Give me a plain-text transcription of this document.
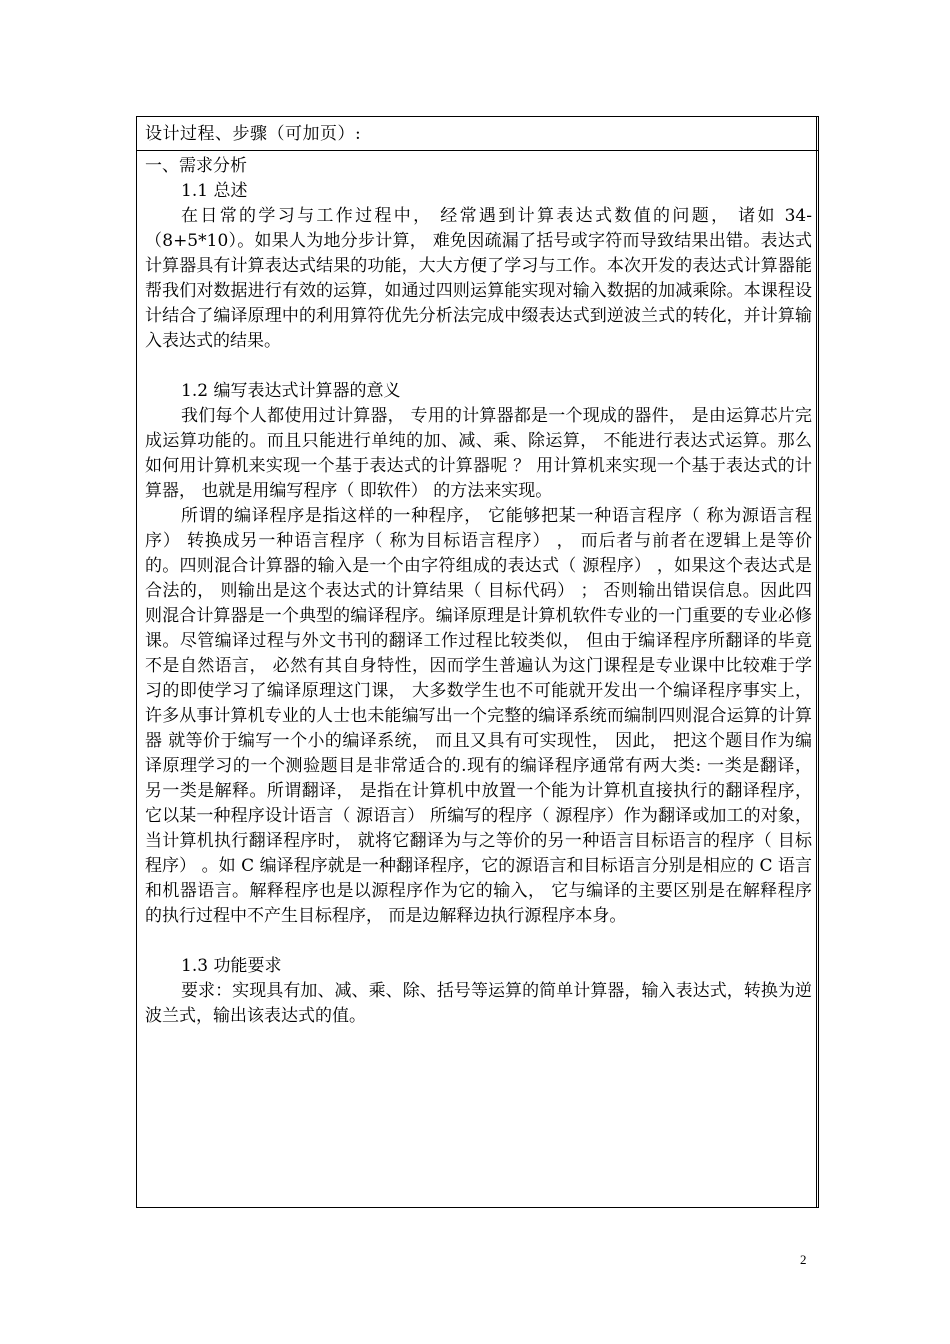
设计过程、步骤（可加页）:

一、需求分析

1.1 总述

在日常的学习与工作过程中， 经常遇到计算表达式数值的问题， 诸如 34-（8+5*10）。如果人为地分步计算， 难免因疏漏了括号或字符而导致结果出错。表达式计算器具有计算表达式结果的功能，大大方便了学习与工作。本次开发的表达式计算器能帮我们对数据进行有效的运算，如通过四则运算能实现对输入数据的加减乘除。本课程设计结合了编译原理中的利用算符优先分析法完成中缀表达式到逆波兰式的转化，并计算输入表达式的结果。

1.2 编写表达式计算器的意义

我们每个人都使用过计算器， 专用的计算器都是一个现成的器件， 是由运算芯片完成运算功能的。而且只能进行单纯的加、减、乘、除运算， 不能进行表达式运算。那么如何用计算机来实现一个基于表达式的计算器呢 ？ 用计算机来实现一个基于表达式的计算器， 也就是用编写程序（ 即软件） 的方法来实现。

所谓的编译程序是指这样的一种程序， 它能够把某一种语言程序（ 称为源语言程序） 转换成另一种语言程序（ 称为目标语言程序） ， 而后者与前者在逻辑上是等价的。四则混合计算器的输入是一个由字符组成的表达式（ 源程序） ，如果这个表达式是合法的， 则输出是这个表达式的计算结果（ 目标代码） ； 否则输出错误信息。因此四则混合计算器是一个典型的编译程序。编译原理是计算机软件专业的一门重要的专业必修课。尽管编译过程与外文书刊的翻译工作过程比较类似， 但由于编译程序所翻译的毕竟不是自然语言， 必然有其自身特性，因而学生普遍认为这门课程是专业课中比较难于学习的即使学习了编译原理这门课， 大多数学生也不可能就开发出一个编译程序事实上， 许多从事计算机专业的人士也未能编写出一个完整的编译系统而编制四则混合运算的计算器 就等价于编写一个小的编译系统， 而且又具有可实现性， 因此， 把这个题目作为编译原理学习的一个测验题目是非常适合的.现有的编译程序通常有两大类: 一类是翻译， 另一类是解释。所谓翻译， 是指在计算机中放置一个能为计算机直接执行的翻译程序， 它以某一种程序设计语言（ 源语言） 所编写的程序（ 源程序）作为翻译或加工的对象， 当计算机执行翻译程序时， 就将它翻译为与之等价的另一种语言目标语言的程序（ 目标程序） 。如 C 编译程序就是一种翻译程序，它的源语言和目标语言分别是相应的 C 语言和机器语言。解释程序也是以源程序作为它的输入， 它与编译的主要区别是在解释程序的执行过程中不产生目标程序， 而是边解释边执行源程序本身。

1.3 功能要求

要求：实现具有加、减、乘、除、括号等运算的简单计算器，输入表达式，转换为逆波兰式，输出该表达式的值。

2
